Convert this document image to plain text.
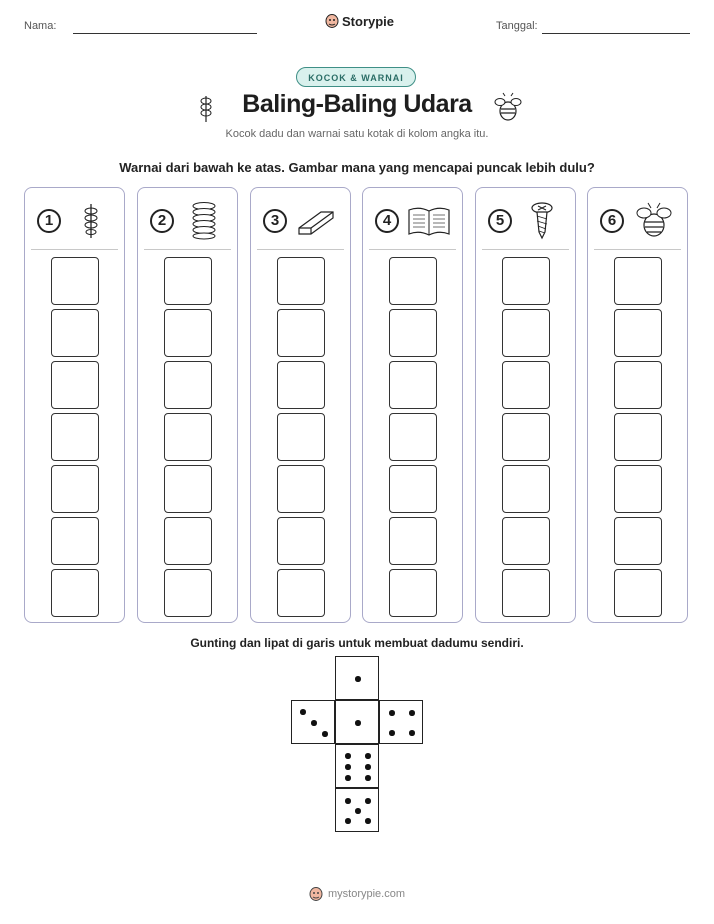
Nama:	Storypie	Tanggal:
KOCOK & WARNAI
Baling-Baling Udara
Kocok dadu dan warnai satu kotak di kolom angka itu.
Warnai dari bawah ke atas. Gambar mana yang mencapai puncak lebih dulu?
1	2	3	4	5	6
Gunting dan lipat di garis untuk membuat dadumu sendiri.
mystorypie.com
